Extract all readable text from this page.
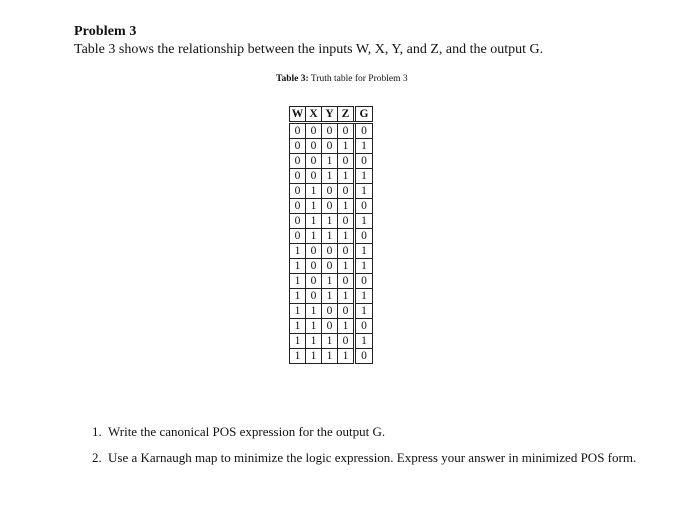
Problem 3
Table 3 shows the relationship between the inputs W, X, Y, and Z, and the output G.
Table 3: Truth table for Problem 3
W	X	Y	Z	G
0	0	0	0	0
0	0	0	1	1
0	0	1	0	0
0	0	1	1	1
0	1	0	0	1
0	1	0	1	0
0	1	1	0	1
0	1	1	1	0
1	0	0	0	1
1	0	0	1	1
1	0	1	0	0
1	0	1	1	1
1	1	0	0	1
1	1	0	1	0
1	1	1	0	1
1	1	1	1	0
1. Write the canonical POS expression for the output G.
2. Use a Karnaugh map to minimize the logic expression. Express your answer in minimized POS form.
